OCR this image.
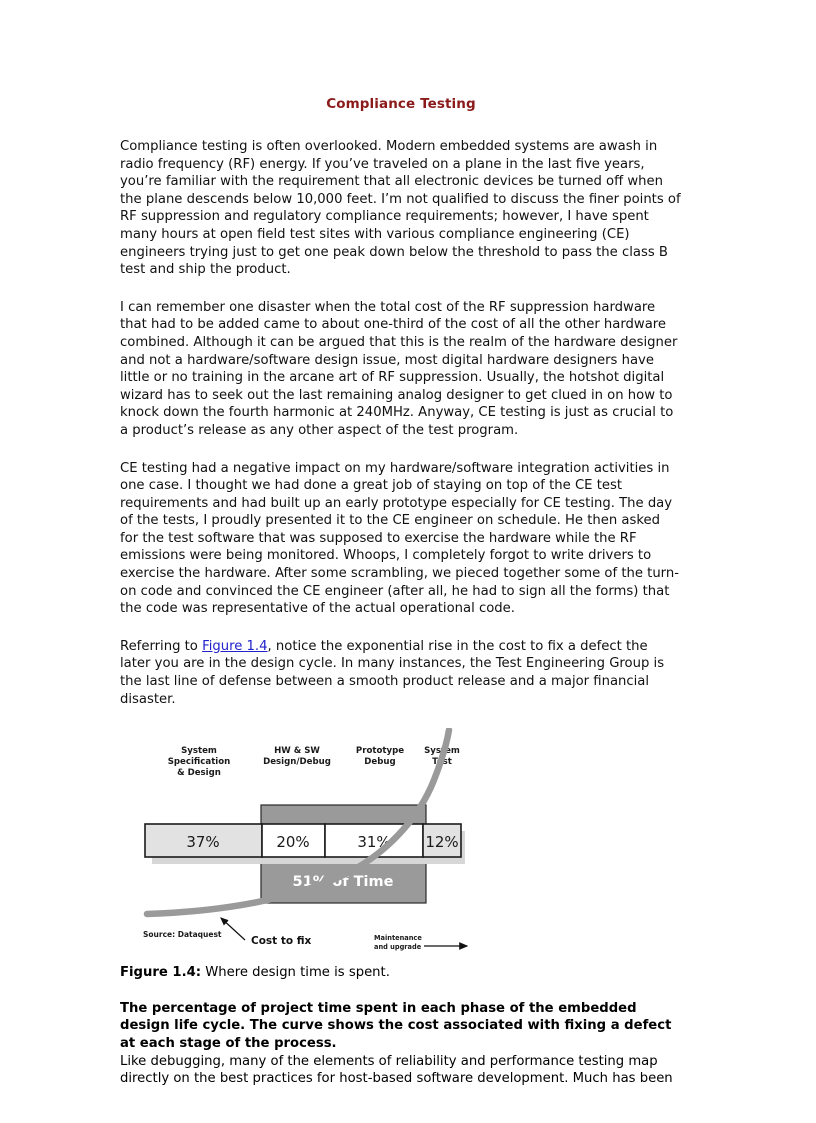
Compliance Testing

Compliance testing is often overlooked. Modern embedded systems are awash in radio frequency (RF) energy. If you’ve traveled on a plane in the last five years, you’re familiar with the requirement that all electronic devices be turned off when the plane descends below 10,000 feet. I’m not qualified to discuss the finer points of RF suppression and regulatory compliance requirements; however, I have spent many hours at open field test sites with various compliance engineering (CE) engineers trying just to get one peak down below the threshold to pass the class B test and ship the product.

I can remember one disaster when the total cost of the RF suppression hardware that had to be added came to about one-third of the cost of all the other hardware combined. Although it can be argued that this is the realm of the hardware designer and not a hardware/software design issue, most digital hardware designers have little or no training in the arcane art of RF suppression. Usually, the hotshot digital wizard has to seek out the last remaining analog designer to get clued in on how to knock down the fourth harmonic at 240MHz. Anyway, CE testing is just as crucial to a product’s release as any other aspect of the test program.

CE testing had a negative impact on my hardware/software integration activities in one case. I thought we had done a great job of staying on top of the CE test requirements and had built up an early prototype especially for CE testing. The day of the tests, I proudly presented it to the CE engineer on schedule. He then asked for the test software that was supposed to exercise the hardware while the RF emissions were being monitored. Whoops, I completely forgot to write drivers to exercise the hardware. After some scrambling, we pieced together some of the turn-on code and convinced the CE engineer (after all, he had to sign all the forms) that the code was representative of the actual operational code.

Referring to Figure 1.4, notice the exponential rise in the cost to fix a defect the later you are in the design cycle. In many instances, the Test Engineering Group is the last line of defense between a smooth product release and a major financial disaster.

System
Specification
& Design
HW & SW
Design/Debug
Prototype
Debug
System
Test
37%	20%	31% 12%
51% of Time
Cost to fix
Source: Dataquest	Maintenance
and upgrade

Figure 1.4: Where design time is spent.

The percentage of project time spent in each phase of the embedded design life cycle. The curve shows the cost associated with fixing a defect at each stage of the process.

Like debugging, many of the elements of reliability and performance testing map directly on the best practices for host-based software development. Much has been
